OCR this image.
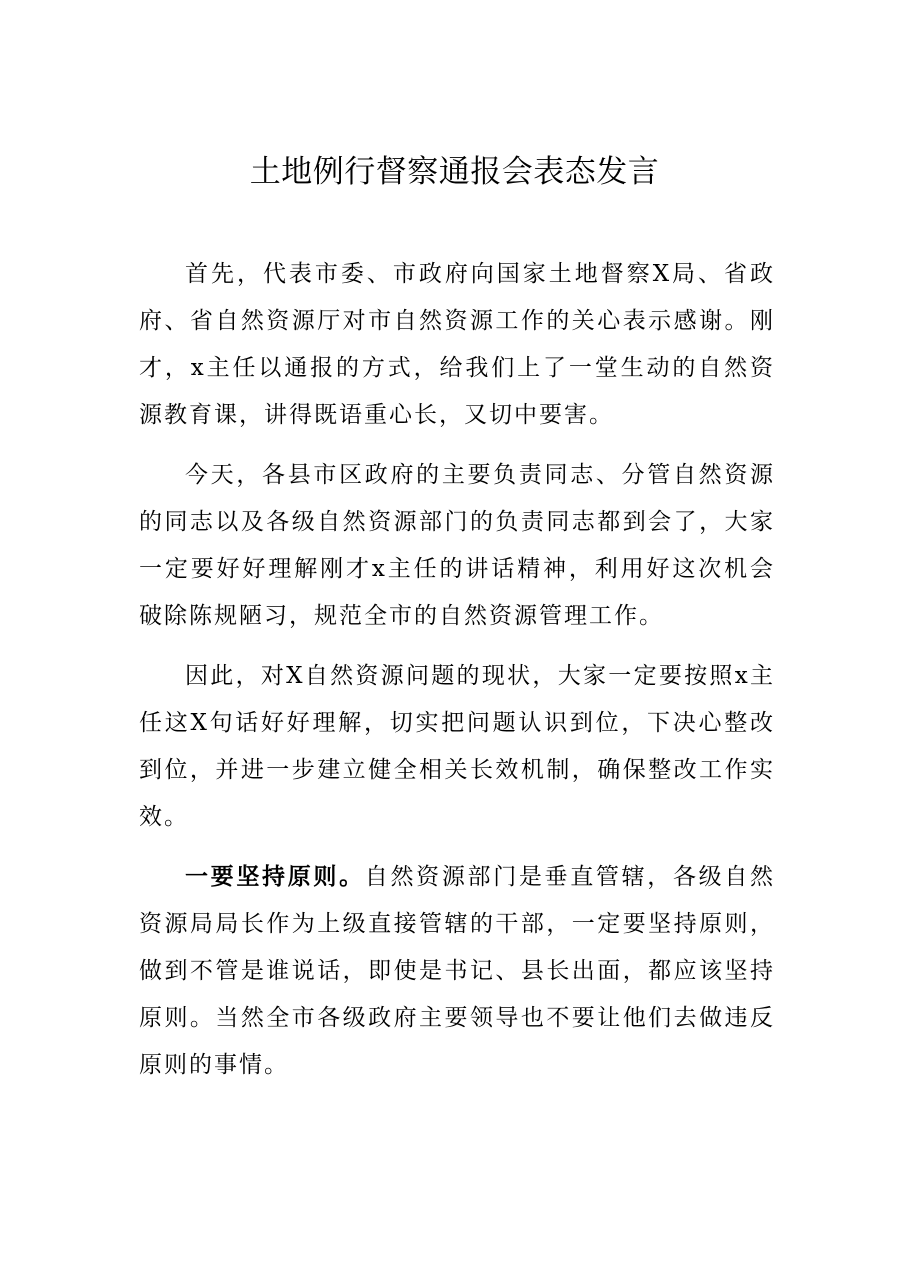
土地例行督察通报会表态发言

首先，代表市委、市政府向国家土地督察X局、省政府、省自然资源厅对市自然资源工作的关心表示感谢。刚才，x主任以通报的方式，给我们上了一堂生动的自然资源教育课，讲得既语重心长，又切中要害。

今天，各县市区政府的主要负责同志、分管自然资源的同志以及各级自然资源部门的负责同志都到会了，大家一定要好好理解刚才x主任的讲话精神，利用好这次机会破除陈规陋习，规范全市的自然资源管理工作。

因此，对X自然资源问题的现状，大家一定要按照x主任这X句话好好理解，切实把问题认识到位，下决心整改到位，并进一步建立健全相关长效机制，确保整改工作实效。

一要坚持原则。自然资源部门是垂直管辖，各级自然资源局局长作为上级直接管辖的干部，一定要坚持原则，做到不管是谁说话，即使是书记、县长出面，都应该坚持原则。当然全市各级政府主要领导也不要让他们去做违反原则的事情。
